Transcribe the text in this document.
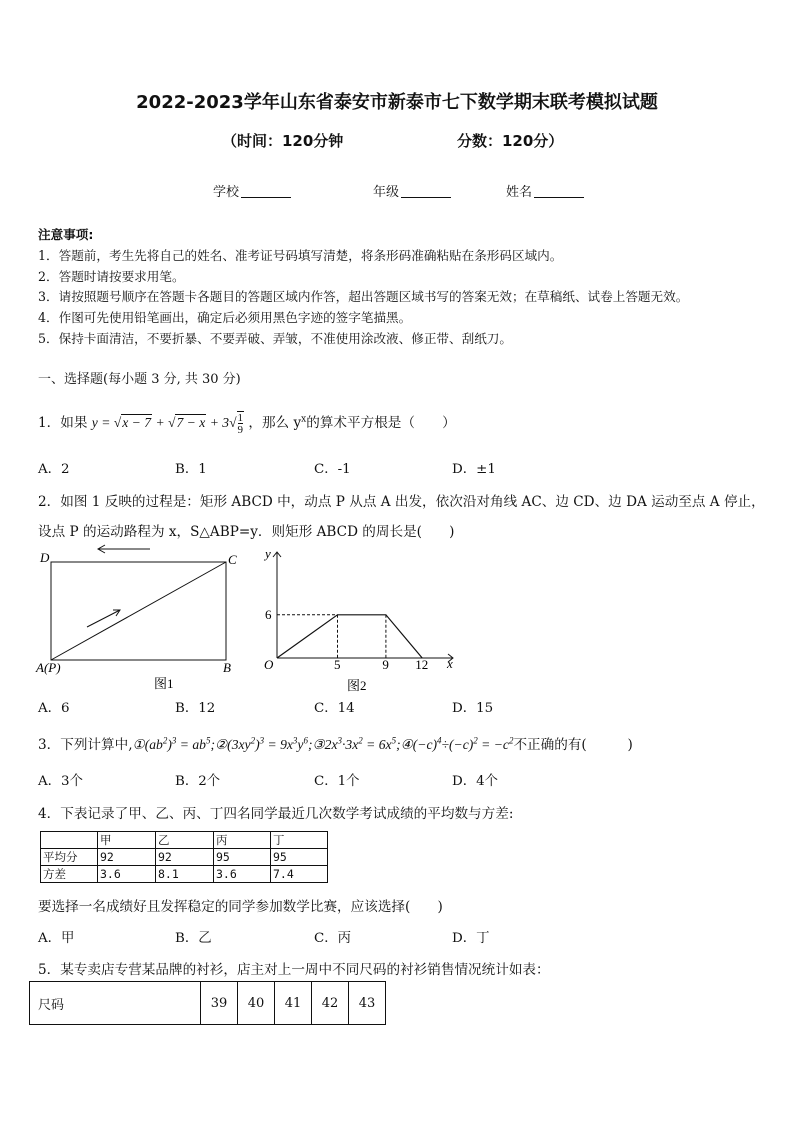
2022-2023学年山东省泰安市新泰市七下数学期末联考模拟试题
（时间：120分钟	分数：120分）
学校	年级	姓名
注意事项:
1．答题前，考生先将自己的姓名、准考证号码填写清楚，将条形码准确粘贴在条形码区域内。
2．答题时请按要求用笔。
3．请按照题号顺序在答题卡各题目的答题区域内作答，超出答题区域书写的答案无效；在草稿纸、试卷上答题无效。
4．作图可先使用铅笔画出，确定后必须用黑色字迹的签字笔描黑。
5．保持卡面清洁，不要折暴、不要弄破、弄皱，不准使用涂改液、修正带、刮纸刀。
一、选择题(每小题 3 分, 共 30 分)
1．如果 y = √x − 7 + √7 − x + 3√1
9 ，那么 $y^x$的算术平方根是（　　）
A．2	B．1	C．-1	D．±1
2．如图 1 反映的过程是：矩形 ABCD 中，动点 P 从点 A 出发，依次沿对角线 AC、边 CD、边 DA 运动至点 A 停止，
设点 P 的运动路程为 x，S△ABP=y．则矩形 ABCD 的周长是(　　)
D	C
A(P)	B
图1
5	9 12
6
y
x
O
图2
A．6	B．12	C．14	D．15
3．下列计算中$,①(ab^2)^3$ = $ab^5;②(3xy^2)^3$ = $9x^3y^6;③2x^3\cdot 3x^2$ = $6x^5;④(-c)^4\div(-c)^2 = -c^2$不正确的有(　　　)
A．3个	B．2个	C．1个	D．4个
4．下表记录了甲、乙、丙、丁四名同学最近几次数学考试成绩的平均数与方差:
	甲	乙	丙	丁
平均分	92	92	95	95
方差	3.6	8.1	3.6	7.4
要选择一名成绩好且发挥稳定的同学参加数学比赛，应该选择(　　)
A．甲	B．乙	C．丙	D．丁
5．某专卖店专营某品牌的衬衫，店主对上一周中不同尺码的衬衫销售情况统计如表：
尺码	39	40	41	42	43
